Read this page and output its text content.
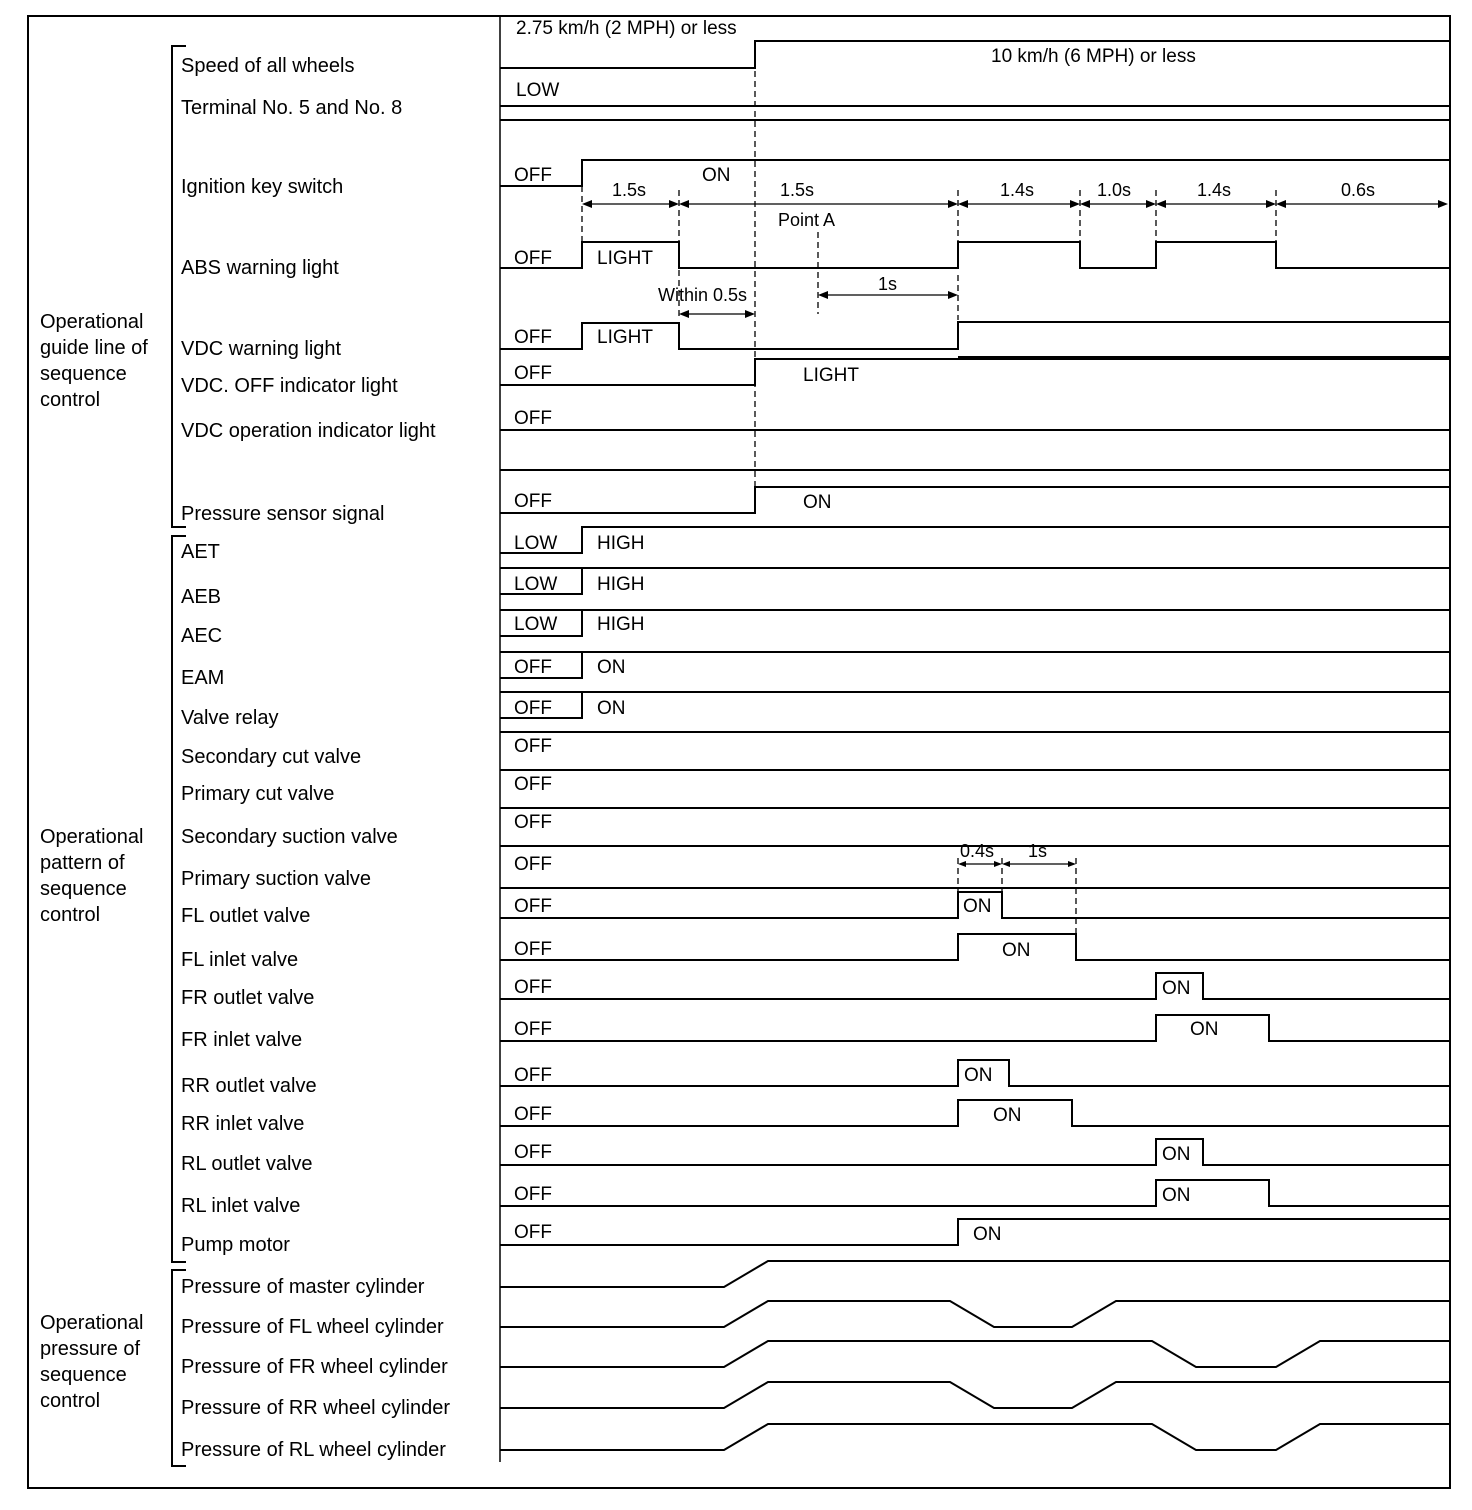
Operational guide line of sequence control
Operational pattern of sequence control
Operational pressure of sequence control
Speed of all wheels
Terminal No. 5 and No. 8
Ignition key switch
ABS warning light
VDC warning light
VDC. OFF indicator light
VDC operation indicator light
Pressure sensor signal
AET
AEB
AEC
EAM
Valve relay
Secondary cut valve
Primary cut valve
Secondary suction valve
Primary suction valve
FL outlet valve
FL inlet valve
FR outlet valve
FR inlet valve
RR outlet valve
RR inlet valve
RL outlet valve
RL inlet valve
Pump motor
Pressure of master cylinder
Pressure of FL wheel cylinder
Pressure of FR wheel cylinder
Pressure of RR wheel cylinder
Pressure of RL wheel cylinder
1.5s	1.5s	1.4s	1.0s	1.4s	0.6s
Point A
Within 0.5s
1s
0.4s 1s
2.75 km/h (2 MPH) or less
10 km/h (6 MPH) or less
LOW
OFF	ON
OFF LIGHT
OFF LIGHT
OFF	LIGHT
OFF
OFF	ON
LOW HIGH
LOW HIGH
LOW HIGH
OFF ON
OFF ON
OFF
OFF
OFF
OFF
OFF	ON
OFF	ON
OFF	ON
OFF	ON
OFF	ON
OFF	ON
OFF	ON
OFF	ON
OFF	ON
